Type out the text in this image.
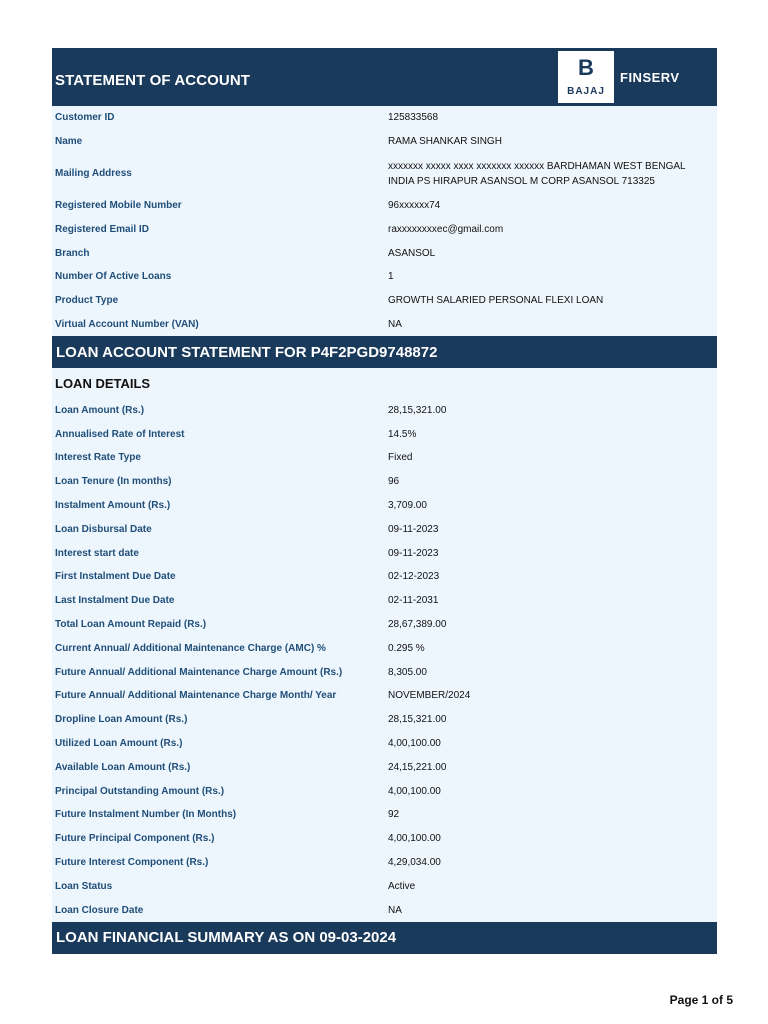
STATEMENT OF ACCOUNT
B
BAJAJ
FINSERV
Customer ID	125833568
Name	RAMA SHANKAR SINGH
Mailing Address
xxxxxxx xxxxx xxxx xxxxxxx xxxxxx BARDHAMAN WEST BENGAL INDIA PS HIRAPUR ASANSOL M CORP ASANSOL 713325
Registered Mobile Number	96xxxxxx74
Registered Email ID	raxxxxxxxxec@gmail.com
Branch	ASANSOL
Number Of Active Loans	1
Product Type	GROWTH SALARIED PERSONAL FLEXI LOAN
Virtual Account Number (VAN)	NA
LOAN ACCOUNT STATEMENT FOR P4F2PGD9748872
LOAN DETAILS
Loan Amount (Rs.)	28,15,321.00
Annualised Rate of Interest	14.5%
Interest Rate Type	Fixed
Loan Tenure (In months)	96
Instalment Amount (Rs.)	3,709.00
Loan Disbursal Date	09-11-2023
Interest start date	09-11-2023
First Instalment Due Date	02-12-2023
Last Instalment Due Date	02-11-2031
Total Loan Amount Repaid (Rs.)	28,67,389.00
Current Annual/ Additional Maintenance Charge (AMC) %	0.295 %
Future Annual/ Additional Maintenance Charge Amount (Rs.)	8,305.00
Future Annual/ Additional Maintenance Charge Month/ Year	NOVEMBER/2024
Dropline Loan Amount (Rs.)	28,15,321.00
Utilized Loan Amount (Rs.)	4,00,100.00
Available Loan Amount (Rs.)	24,15,221.00
Principal Outstanding Amount (Rs.)	4,00,100.00
Future Instalment Number (In Months)	92
Future Principal Component (Rs.)	4,00,100.00
Future Interest Component (Rs.)	4,29,034.00
Loan Status	Active
Loan Closure Date	NA
LOAN FINANCIAL SUMMARY AS ON 09-03-2024
Page 1 of 5
